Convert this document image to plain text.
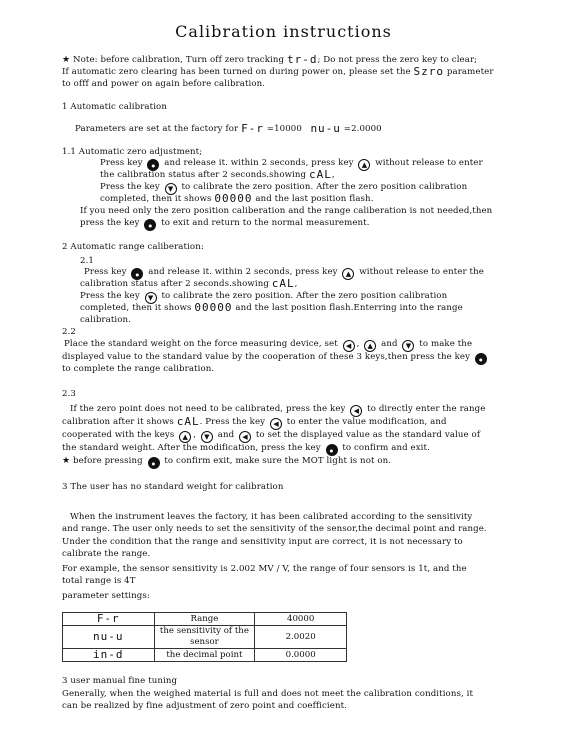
Calibration instructions
★ Note: before calibration, Turn off zero tracking tr-d; Do not press the zero key to clear;
If automatic zero clearing has been turned on during power on, please set the Szro parameter
to offf and power on again before calibration.
1 Automatic calibration
Parameters are set at the factory for F-r =10000 nu-u =2.0000
1.1 Automatic zero adjustment;
Press key ●	and release it. within 2 seconds, press key ▲ without release to enter
the calibration status after 2 seconds.showing cAL,
Press the key ▼ to calibrate the zero position. After the zero position calibration
completed, then it shows 00000 and the last position flash.
If you need only the zero position caliberation and the range caliberation is not needed,then
press the key ●	to exit and return to the normal measurement.
2 Automatic range caliberation:
2.1
Press key ●	and release it. within 2 seconds, press key ▲ without release to enter the
calibration status after 2 seconds.showing cAL,
Press the key ▼ to calibrate the zero position. After the zero position calibration
completed, then it shows 00000 and the last position flash.Enterring into the range
calibration.
2.2
Place the standard weight on the force measuring device, set ◀ , ▲ and ▼ to make the
displayed value to the standard value by the cooperation of these 3 keys,then press the key ●
to complete the range calibration.
2.3
If the zero point does not need to be calibrated, press the key ◀ to directly enter the range
calibration after it shows cAL. Press the key ◀ to enter the value modification, and
cooperated with the keys ▲ , ▼ and ◀ to set the displayed value as the standard value of
the standard weight. After the modification, press the key ●	to confirm and exit.
★ before pressing ●	to confirm exit, make sure the MOT light is not on.
3 The user has no standard weight for calibration
When the instrument leaves the factory, it has been calibrated according to the sensitivity
and range. The user only needs to set the sensitivity of the sensor,the decimal point and range.
Under the condition that the range and sensitivity input are correct, it is not necessary to
calibrate the range.
For example, the sensor sensitivity is 2.002 MV / V, the range of four sensors is 1t, and the
total range is 4T
parameter settings:
F-r	Range	40000
nu-u	the sensitivity of the sensor	2.0020
in-d	the decimal point	0.0000
3 user manual fine tuning
Generally, when the weighed material is full and does not meet the calibration conditions, it
can be realized by fine adjustment of zero point and coefficient.
